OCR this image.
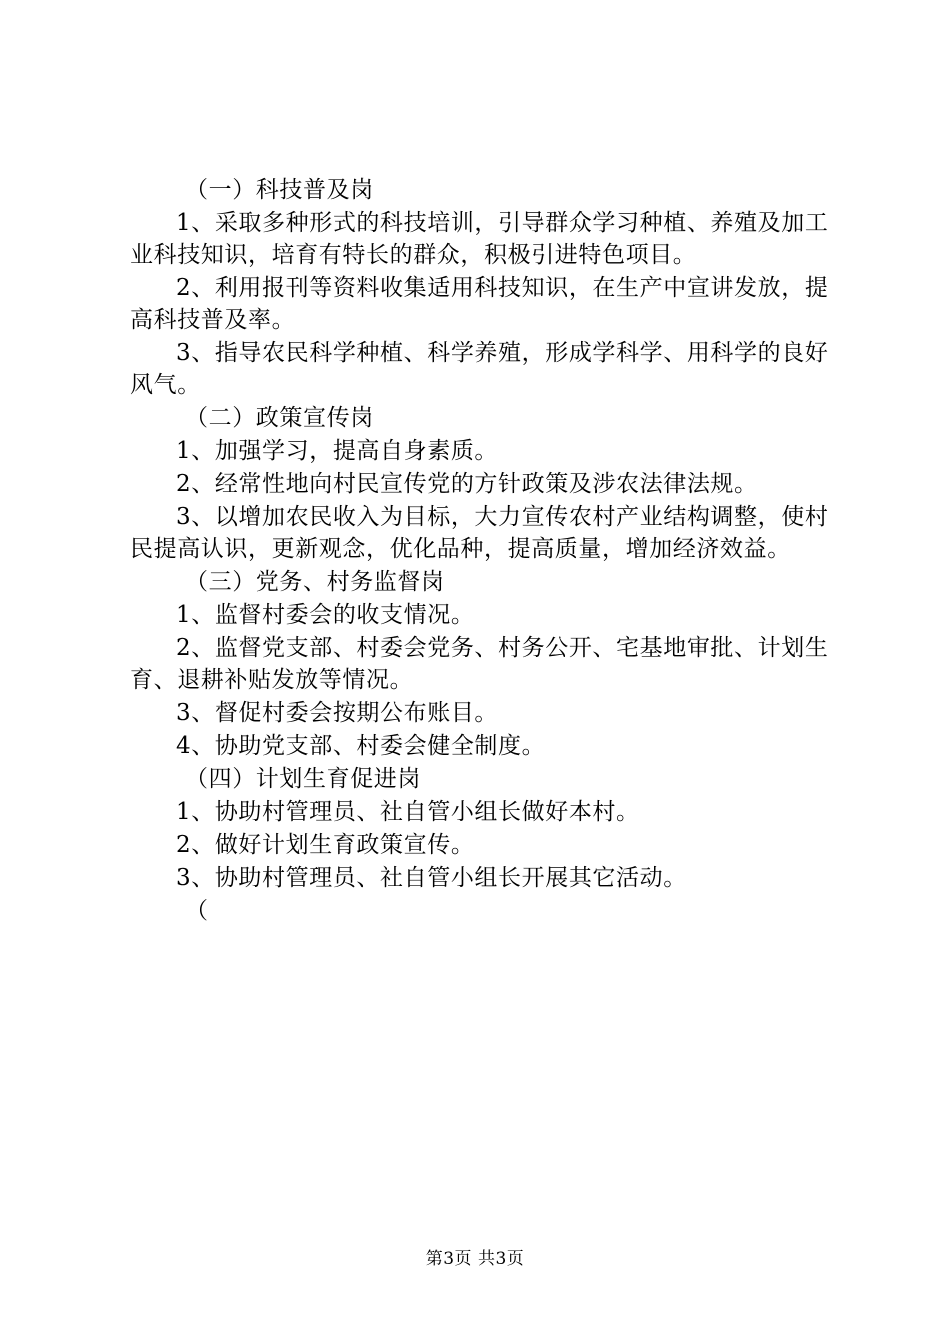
（一）科技普及岗

1、采取多种形式的科技培训，引导群众学习种植、养殖及加工业科技知识，培育有特长的群众，积极引进特色项目。

2、利用报刊等资料收集适用科技知识，在生产中宣讲发放，提高科技普及率。

3、指导农民科学种植、科学养殖，形成学科学、用科学的良好风气。

（二）政策宣传岗

1、加强学习，提高自身素质。

2、经常性地向村民宣传党的方针政策及涉农法律法规。

3、以增加农民收入为目标，大力宣传农村产业结构调整，使村民提高认识，更新观念，优化品种，提高质量，增加经济效益。

（三）党务、村务监督岗

1、监督村委会的收支情况。

2、监督党支部、村委会党务、村务公开、宅基地审批、计划生育、退耕补贴发放等情况。

3、督促村委会按期公布账目。

4、协助党支部、村委会健全制度。

（四）计划生育促进岗

1、协助村管理员、社自管小组长做好本村。

2、做好计划生育政策宣传。

3、协助村管理员、社自管小组长开展其它活动。

（

第3页 共3页
